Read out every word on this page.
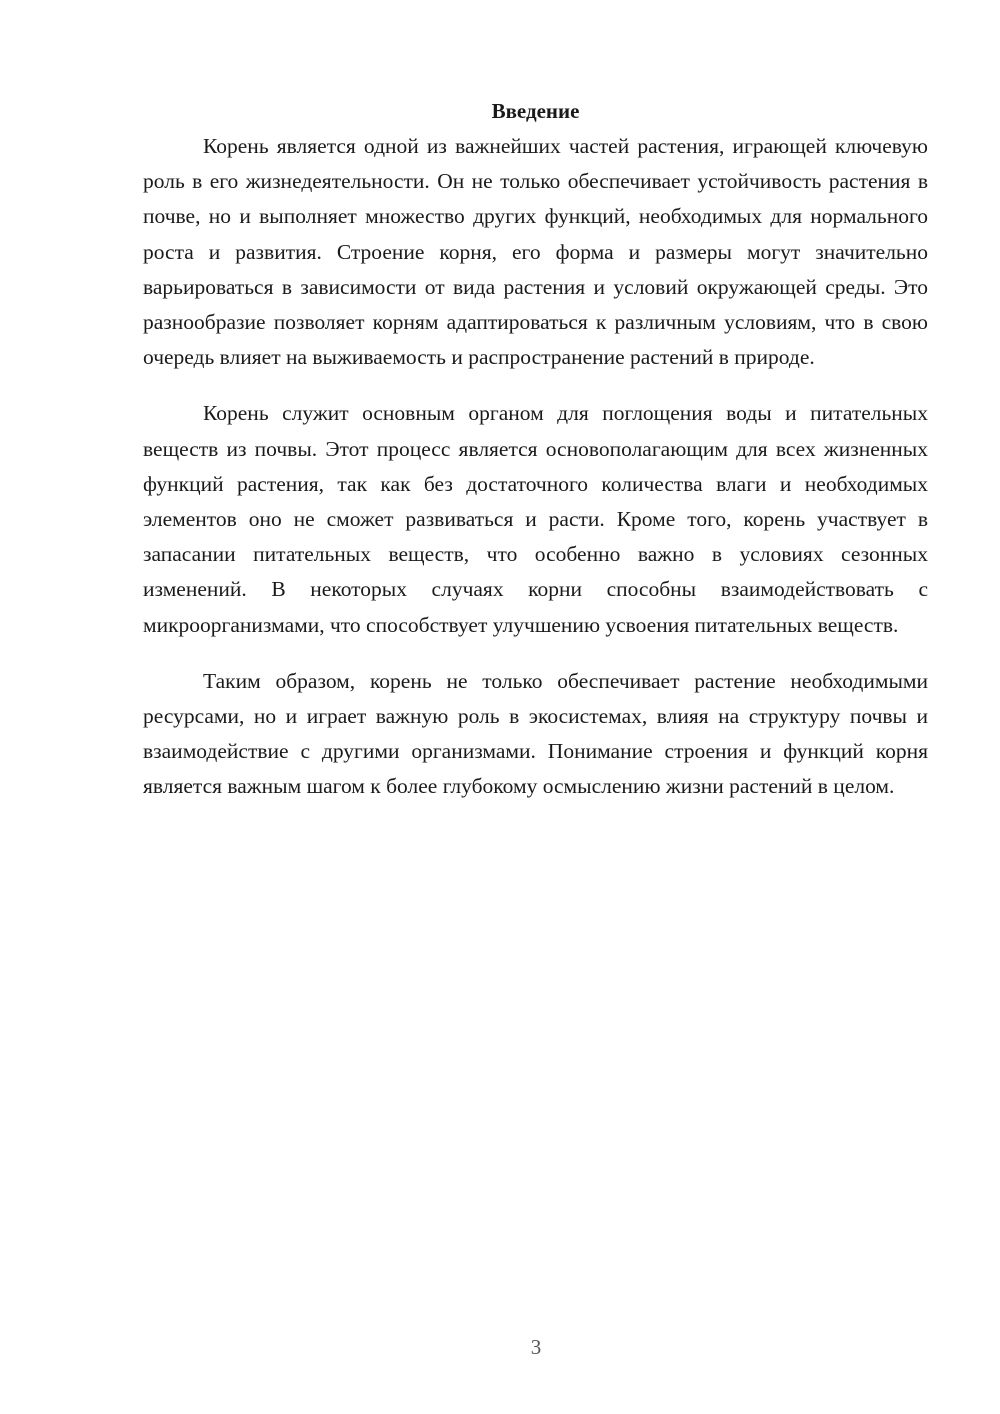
Введение

Корень является одной из важнейших частей растения, играющей ключевую роль в его жизнедеятельности. Он не только обеспечивает устойчивость растения в почве, но и выполняет множество других функций, необходимых для нормального роста и развития. Строение корня, его форма и размеры могут значительно варьироваться в зависимости от вида растения и условий окружающей среды. Это разнообразие позволяет корням адаптироваться к различным условиям, что в свою очередь влияет на выживаемость и распространение растений в природе.

Корень служит основным органом для поглощения воды и питательных веществ из почвы. Этот процесс является основополагающим для всех жизненных функций растения, так как без достаточного количества влаги и необходимых элементов оно не сможет развиваться и расти. Кроме того, корень участвует в запасании питательных веществ, что особенно важно в условиях сезонных изменений. В некоторых случаях корни способны взаимодействовать с микроорганизмами, что способствует улучшению усвоения питательных веществ.

Таким образом, корень не только обеспечивает растение необходимыми ресурсами, но и играет важную роль в экосистемах, влияя на структуру почвы и взаимодействие с другими организмами. Понимание строения и функций корня является важным шагом к более глубокому осмыслению жизни растений в целом.

3
